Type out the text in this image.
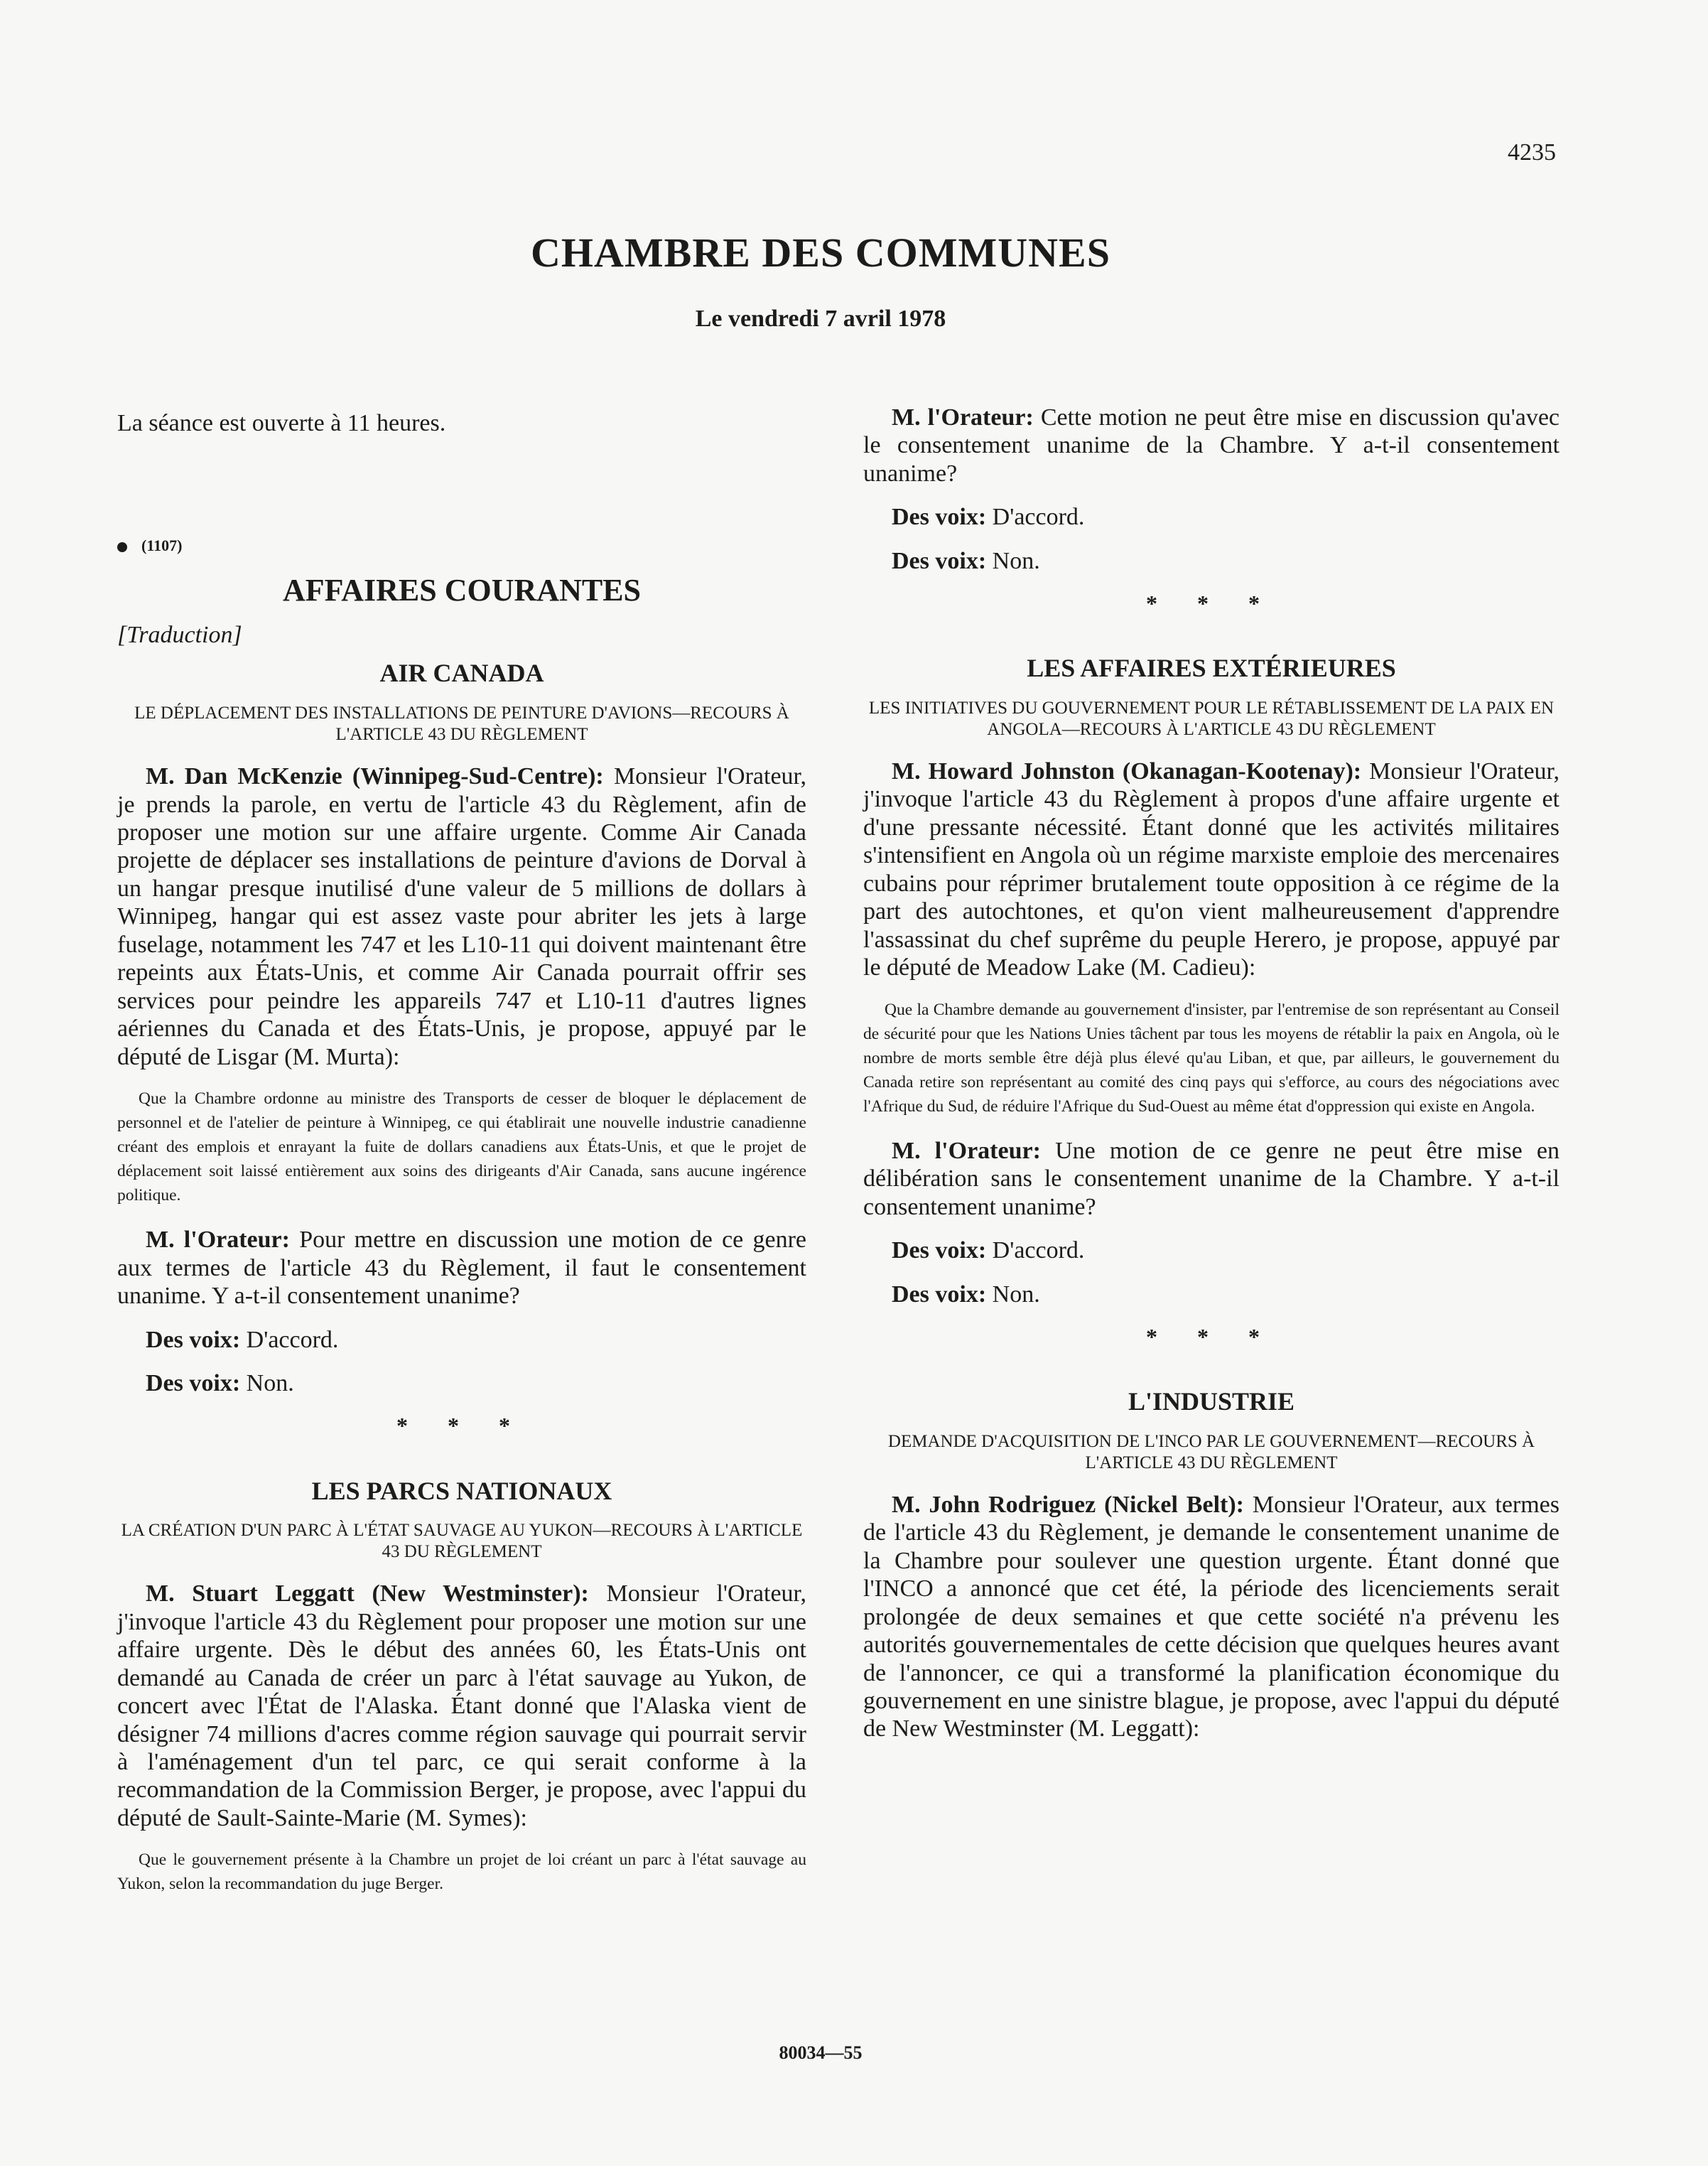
4235
CHAMBRE DES COMMUNES
Le vendredi 7 avril 1978

La séance est ouverte à 11 heures.

(1107)
AFFAIRES COURANTES
[Traduction]
AIR CANADA
LE DÉPLACEMENT DES INSTALLATIONS DE PEINTURE D'AVIONS—RECOURS À L'ARTICLE 43 DU RÈGLEMENT

M. Dan McKenzie (Winnipeg-Sud-Centre): Monsieur l'Orateur, je prends la parole, en vertu de l'article 43 du Règlement, afin de proposer une motion sur une affaire urgente. Comme Air Canada projette de déplacer ses installations de peinture d'avions de Dorval à un hangar presque inutilisé d'une valeur de 5 millions de dollars à Winnipeg, hangar qui est assez vaste pour abriter les jets à large fuselage, notamment les 747 et les L10-11 qui doivent maintenant être repeints aux États-Unis, et comme Air Canada pourrait offrir ses services pour peindre les appareils 747 et L10-11 d'autres lignes aériennes du Canada et des États-Unis, je propose, appuyé par le député de Lisgar (M. Murta):

Que la Chambre ordonne au ministre des Transports de cesser de bloquer le déplacement de personnel et de l'atelier de peinture à Winnipeg, ce qui établirait une nouvelle industrie canadienne créant des emplois et enrayant la fuite de dollars canadiens aux États-Unis, et que le projet de déplacement soit laissé entièrement aux soins des dirigeants d'Air Canada, sans aucune ingérence politique.

M. l'Orateur: Pour mettre en discussion une motion de ce genre aux termes de l'article 43 du Règlement, il faut le consentement unanime. Y a-t-il consentement unanime?

Des voix: D'accord.

Des voix: Non.

* * *
LES PARCS NATIONAUX
LA CRÉATION D'UN PARC À L'ÉTAT SAUVAGE AU YUKON—RECOURS À L'ARTICLE 43 DU RÈGLEMENT

M. Stuart Leggatt (New Westminster): Monsieur l'Orateur, j'invoque l'article 43 du Règlement pour proposer une motion sur une affaire urgente. Dès le début des années 60, les États-Unis ont demandé au Canada de créer un parc à l'état sauvage au Yukon, de concert avec l'État de l'Alaska. Étant donné que l'Alaska vient de désigner 74 millions d'acres comme région sauvage qui pourrait servir à l'aménagement d'un tel parc, ce qui serait conforme à la recommandation de la Commission Berger, je propose, avec l'appui du député de Sault-Sainte-Marie (M. Symes):

Que le gouvernement présente à la Chambre un projet de loi créant un parc à l'état sauvage au Yukon, selon la recommandation du juge Berger.

M. l'Orateur: Cette motion ne peut être mise en discussion qu'avec le consentement unanime de la Chambre. Y a-t-il consentement unanime?

Des voix: D'accord.

Des voix: Non.

* * *
LES AFFAIRES EXTÉRIEURES
LES INITIATIVES DU GOUVERNEMENT POUR LE RÉTABLISSEMENT DE LA PAIX EN ANGOLA—RECOURS À L'ARTICLE 43 DU RÈGLEMENT

M. Howard Johnston (Okanagan-Kootenay): Monsieur l'Orateur, j'invoque l'article 43 du Règlement à propos d'une affaire urgente et d'une pressante nécessité. Étant donné que les activités militaires s'intensifient en Angola où un régime marxiste emploie des mercenaires cubains pour réprimer brutalement toute opposition à ce régime de la part des autochtones, et qu'on vient malheureusement d'apprendre l'assassinat du chef suprême du peuple Herero, je propose, appuyé par le député de Meadow Lake (M. Cadieu):

Que la Chambre demande au gouvernement d'insister, par l'entremise de son représentant au Conseil de sécurité pour que les Nations Unies tâchent par tous les moyens de rétablir la paix en Angola, où le nombre de morts semble être déjà plus élevé qu'au Liban, et que, par ailleurs, le gouvernement du Canada retire son représentant au comité des cinq pays qui s'efforce, au cours des négociations avec l'Afrique du Sud, de réduire l'Afrique du Sud-Ouest au même état d'oppression qui existe en Angola.

M. l'Orateur: Une motion de ce genre ne peut être mise en délibération sans le consentement unanime de la Chambre. Y a-t-il consentement unanime?

Des voix: D'accord.

Des voix: Non.

* * *
L'INDUSTRIE
DEMANDE D'ACQUISITION DE L'INCO PAR LE GOUVERNEMENT—RECOURS À L'ARTICLE 43 DU RÈGLEMENT

M. John Rodriguez (Nickel Belt): Monsieur l'Orateur, aux termes de l'article 43 du Règlement, je demande le consentement unanime de la Chambre pour soulever une question urgente. Étant donné que l'INCO a annoncé que cet été, la période des licenciements serait prolongée de deux semaines et que cette société n'a prévenu les autorités gouvernementales de cette décision que quelques heures avant de l'annoncer, ce qui a transformé la planification économique du gouvernement en une sinistre blague, je propose, avec l'appui du député de New Westminster (M. Leggatt):

80034—55
